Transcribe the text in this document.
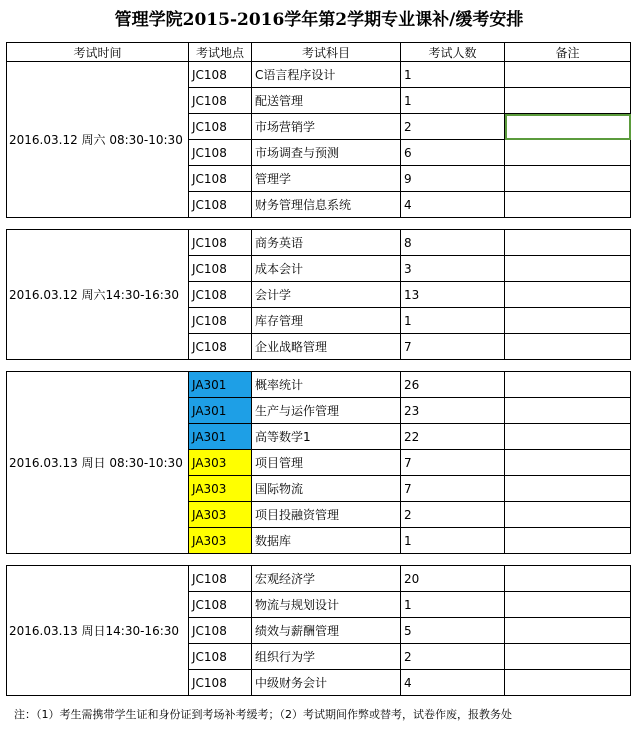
管理学院2015-2016学年第2学期专业课补/缓考安排
考试时间	考试地点	考试科目	考试人数	备注
2016.03.12 周六 08:30-10:30	JC108	C语言程序设计	1	
	JC108	配送管理	1	
	JC108	市场营销学	2	
	JC108	市场调查与预测	6	
	JC108	管理学	9	
	JC108	财务管理信息系统	4	

2016.03.12 周六14:30-16:30	JC108	商务英语	8	
	JC108	成本会计	3	
	JC108	会计学	13	
	JC108	库存管理	1	
	JC108	企业战略管理	7	

2016.03.13 周日 08:30-10:30	JA301	概率统计	26	
	JA301	生产与运作管理	23	
	JA301	高等数学1	22	
	JA303	项目管理	7	
	JA303	国际物流	7	
	JA303	项目投融资管理	2	
	JA303	数据库	1	

2016.03.13 周日14:30-16:30	JC108	宏观经济学	20	
	JC108	物流与规划设计	1	
	JC108	绩效与薪酬管理	5	
	JC108	组织行为学	2	
	JC108	中级财务会计	4	
注：（1）考生需携带学生证和身份证到考场补考缓考；（2）考试期间作弊或替考，试卷作废，报教务处
